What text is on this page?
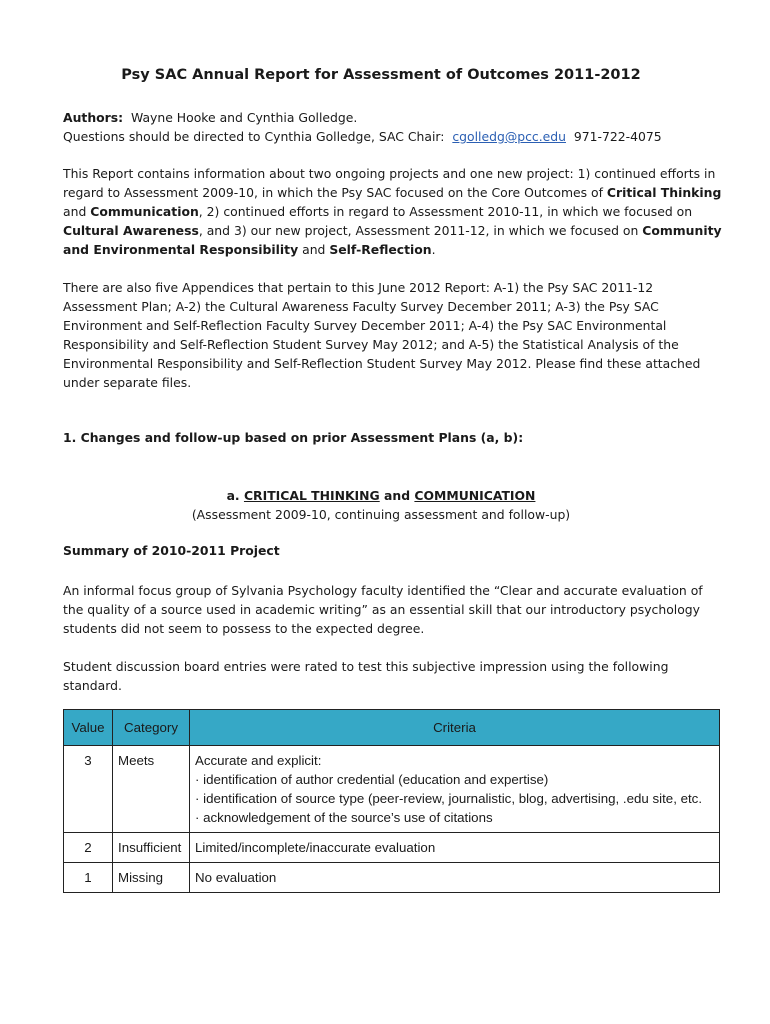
Psy SAC Annual Report for Assessment of Outcomes 2011-2012

Authors: Wayne Hooke and Cynthia Golledge.

Questions should be directed to Cynthia Golledge, SAC Chair: cgolledg@pcc.edu 971-722-4075

This Report contains information about two ongoing projects and one new project: 1) continued efforts in regard to Assessment 2009-10, in which the Psy SAC focused on the Core Outcomes of Critical Thinking and Communication, 2) continued efforts in regard to Assessment 2010-11, in which we focused on Cultural Awareness, and 3) our new project, Assessment 2011-12, in which we focused on Community and Environmental Responsibility and Self-Reflection.

There are also five Appendices that pertain to this June 2012 Report: A-1) the Psy SAC 2011-12 Assessment Plan; A-2) the Cultural Awareness Faculty Survey December 2011; A-3) the Psy SAC Environment and Self-Reflection Faculty Survey December 2011; A-4) the Psy SAC Environmental Responsibility and Self-Reflection Student Survey May 2012; and A-5) the Statistical Analysis of the Environmental Responsibility and Self-Reflection Student Survey May 2012. Please find these attached under separate files.

1. Changes and follow-up based on prior Assessment Plans (a, b):
a. CRITICAL THINKING and COMMUNICATION
(Assessment 2009-10, continuing assessment and follow-up)
Summary of 2010-2011 Project

An informal focus group of Sylvania Psychology faculty identified the “Clear and accurate evaluation of the quality of a source used in academic writing” as an essential skill that our introductory psychology students did not seem to possess to the expected degree.

Student discussion board entries were rated to test this subjective impression using the following standard.

Value	Category	Criteria
3	Meets	Accurate and explicit:
· identification of author credential (education and expertise)
· identification of source type (peer-review, journalistic, blog, advertising, .edu site, etc.
· acknowledgement of the source’s use of citations

2	Insufficient	Limited/incomplete/inaccurate evaluation
1	Missing	No evaluation
